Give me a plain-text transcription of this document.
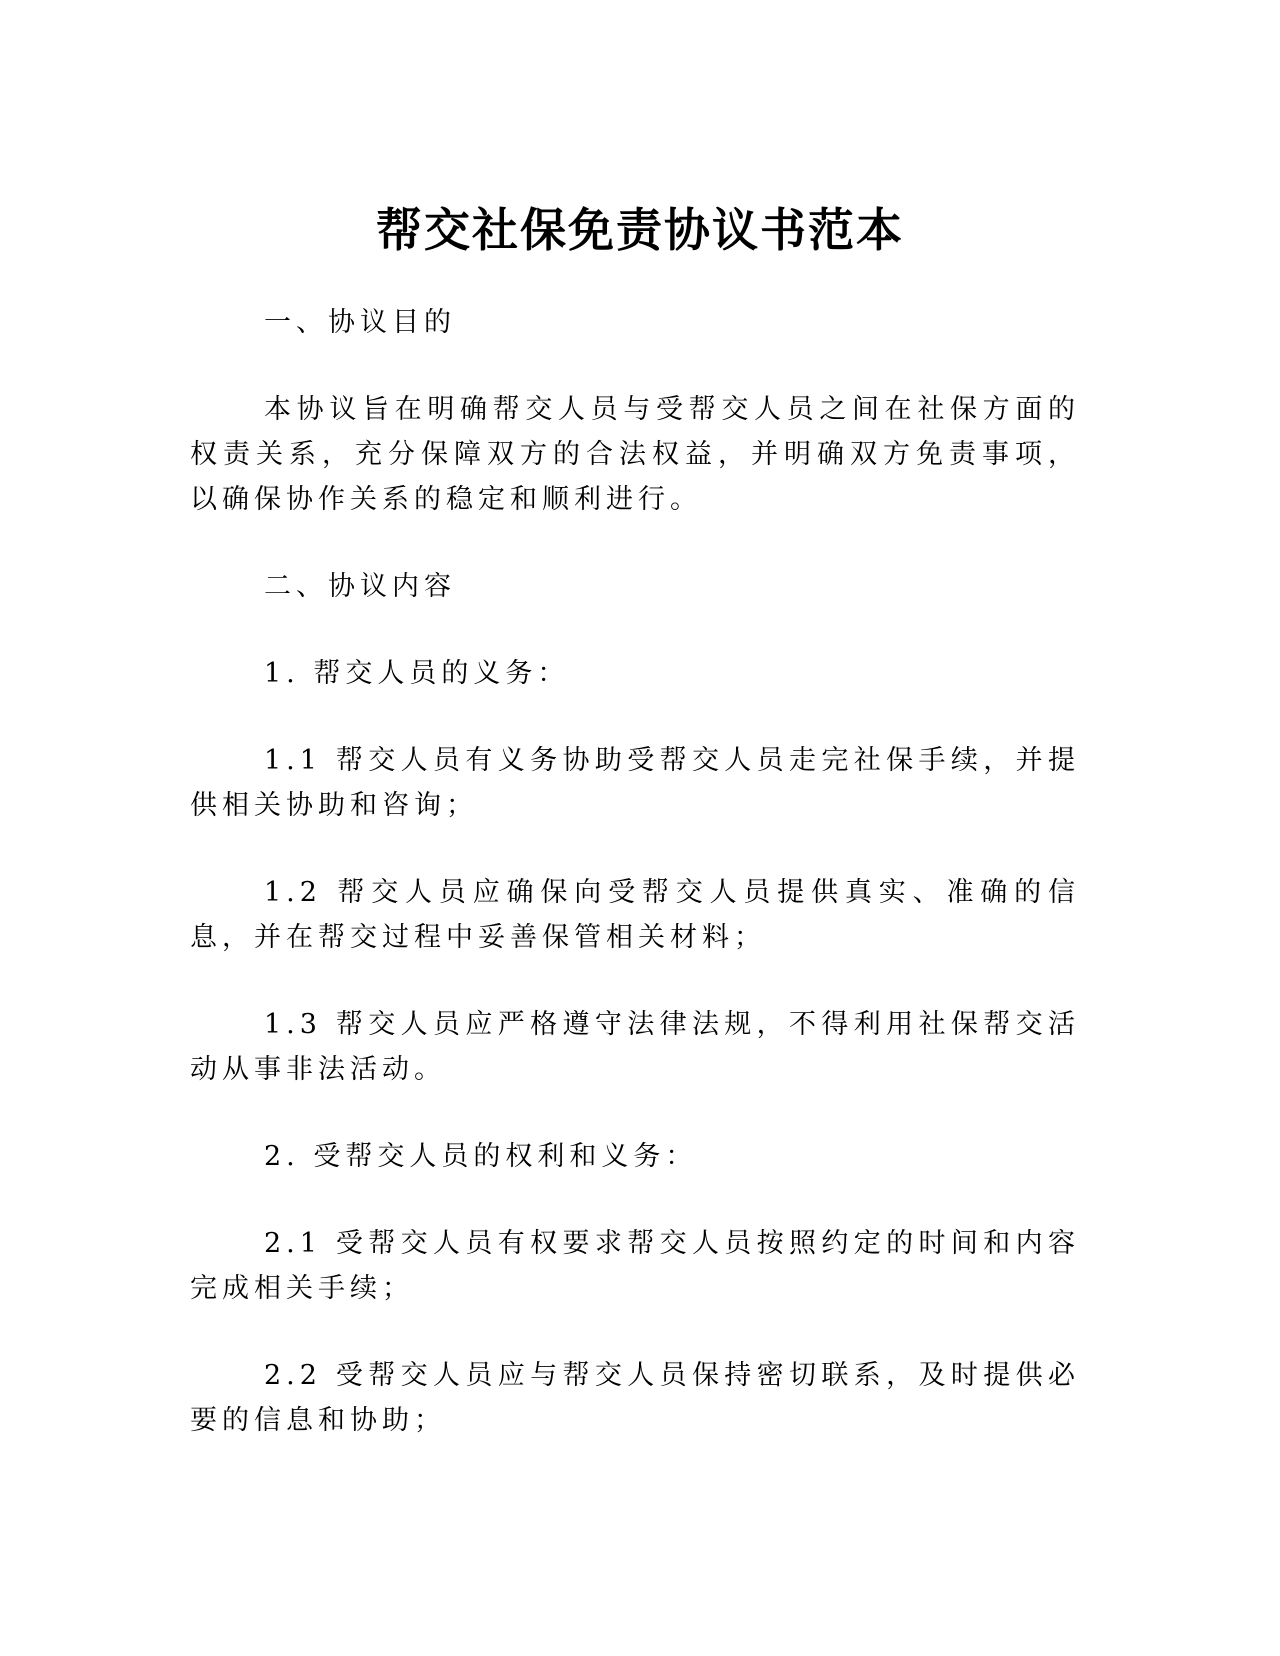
帮交社保免责协议书范本

一、协议目的

本协议旨在明确帮交人员与受帮交人员之间在社保方面的权责关系，充分保障双方的合法权益，并明确双方免责事项，以确保协作关系的稳定和顺利进行。

二、协议内容

1. 帮交人员的义务：

1.1 帮交人员有义务协助受帮交人员走完社保手续，并提供相关协助和咨询；

1.2 帮交人员应确保向受帮交人员提供真实、准确的信息，并在帮交过程中妥善保管相关材料；

1.3 帮交人员应严格遵守法律法规，不得利用社保帮交活动从事非法活动。

2. 受帮交人员的权利和义务：

2.1 受帮交人员有权要求帮交人员按照约定的时间和内容完成相关手续；

2.2 受帮交人员应与帮交人员保持密切联系，及时提供必要的信息和协助；
